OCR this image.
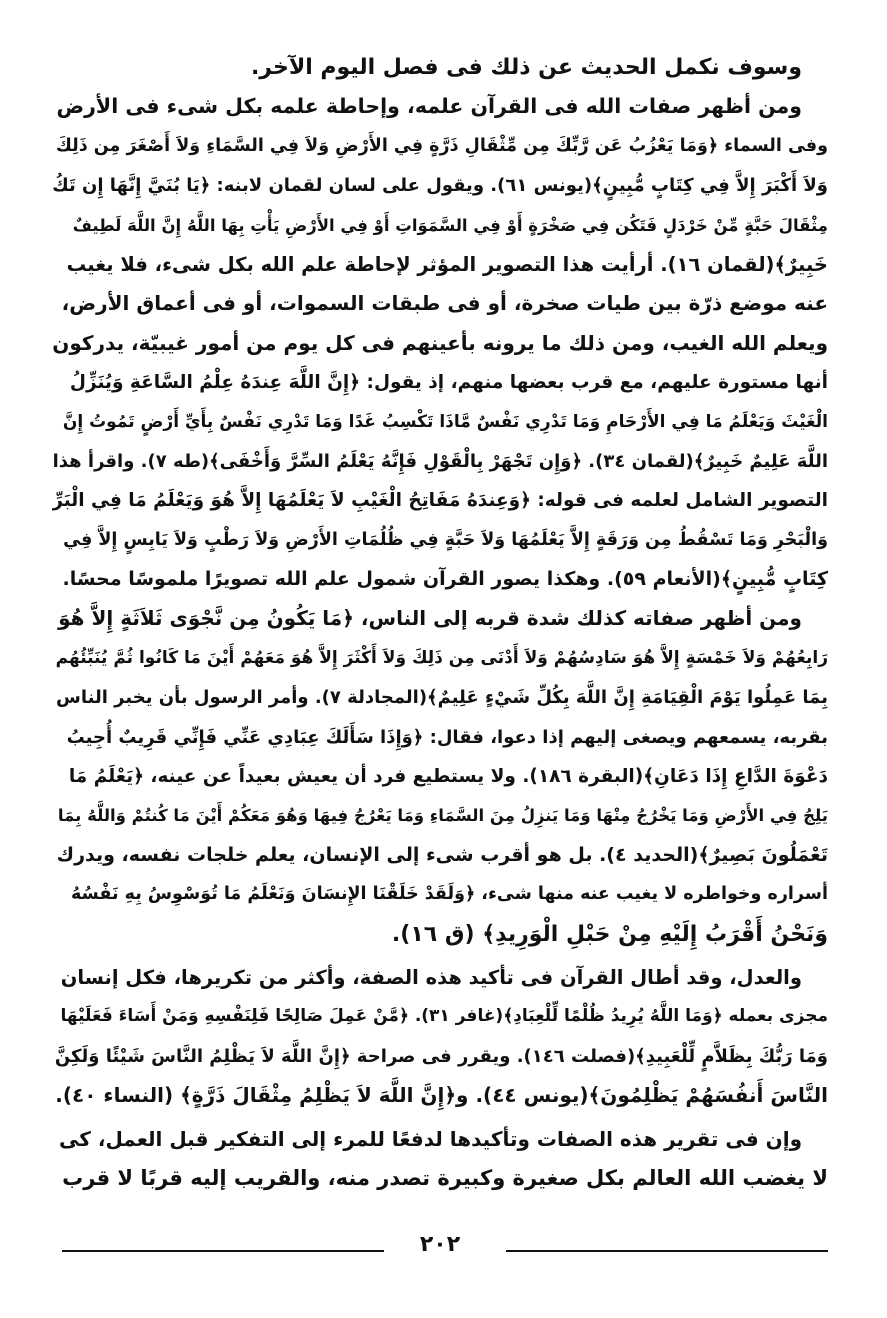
وسوف نكمل الحديث عن ذلك فى فصل اليوم الآخر.
ومن أظهر صفات الله فى القرآن علمه، وإحاطة علمه بكل شىء فى الأرض
وفى السماء ﴿وَمَا يَعْزُبُ عَن رَّبِّكَ مِن مِّثْقَالِ ذَرَّةٍ فِي الأَرْضِ وَلاَ فِي السَّمَاءِ وَلاَ أَصْغَرَ مِن ذَلِكَ
وَلاَ أَكْبَرَ إِلاَّ فِي كِتَابٍ مُّبِينٍ﴾(يونس ٦١). ويقول على لسان لقمان لابنه: ﴿يَا بُنَيَّ إِنَّهَا إِن تَكُ
مِثْقَالَ حَبَّةٍ مِّنْ خَرْدَلٍ فَتَكُن فِي صَخْرَةٍ أَوْ فِي السَّمَوَاتِ أَوْ فِي الأَرْضِ يَأْتِ بِهَا اللَّهُ إِنَّ اللَّهَ لَطِيفٌ
خَبِيرٌ﴾(لقمان ١٦). أرأيت هذا التصوير المؤثر لإحاطة علم الله بكل شىء، فلا يغيب
عنه موضع ذرّة بين طيات صخرة، أو فى طبقات السموات، أو فى أعماق الأرض،
ويعلم الله الغيب، ومن ذلك ما يرونه بأعينهم فى كل يوم من أمور غيبيّة، يدركون
أنها مستورة عليهم، مع قرب بعضها منهم، إذ يقول: ﴿إِنَّ اللَّهَ عِندَهُ عِلْمُ السَّاعَةِ وَيُنَزِّلُ
الْغَيْثَ وَيَعْلَمُ مَا فِي الأَرْحَامِ وَمَا تَدْرِي نَفْسٌ مَّاذَا تَكْسِبُ غَدًا وَمَا تَدْرِي نَفْسٌ بِأَيِّ أَرْضٍ تَمُوتُ إِنَّ
اللَّهَ عَلِيمٌ خَبِيرٌ﴾(لقمان ٣٤). ﴿وَإِن تَجْهَرْ بِالْقَوْلِ فَإِنَّهُ يَعْلَمُ السِّرَّ وَأَخْفَى﴾(طه ٧). واقرأ هذا
التصوير الشامل لعلمه فى قوله: ﴿وَعِندَهُ مَفَاتِحُ الْغَيْبِ لاَ يَعْلَمُهَا إِلاَّ هُوَ وَيَعْلَمُ مَا فِي الْبَرِّ
وَالْبَحْرِ وَمَا تَسْقُطُ مِن وَرَقَةٍ إِلاَّ يَعْلَمُهَا وَلاَ حَبَّةٍ فِي ظُلُمَاتِ الأَرْضِ وَلاَ رَطْبٍ وَلاَ يَابِسٍ إِلاَّ فِي
كِتَابٍ مُّبِينٍ﴾(الأنعام ٥٩). وهكذا يصور القرآن شمول علم الله تصويرًا ملموسًا محسًا.
ومن أظهر صفاته كذلك شدة قربه إلى الناس، ﴿مَا يَكُونُ مِن نَّجْوَى ثَلاَثَةٍ إِلاَّ هُوَ
رَابِعُهُمْ وَلاَ خَمْسَةٍ إِلاَّ هُوَ سَادِسُهُمْ وَلاَ أَدْنَى مِن ذَلِكَ وَلاَ أَكْثَرَ إِلاَّ هُوَ مَعَهُمْ أَيْنَ مَا كَانُوا ثُمَّ يُنَبِّئُهُم
بِمَا عَمِلُوا يَوْمَ الْقِيَامَةِ إِنَّ اللَّهَ بِكُلِّ شَيْءٍ عَلِيمٌ﴾(المجادلة ٧). وأمر الرسول بأن يخبر الناس
بقربه، يسمعهم ويصغى إليهم إذا دعوا، فقال: ﴿وَإِذَا سَأَلَكَ عِبَادِي عَنِّي فَإِنِّي قَرِيبٌ أُجِيبُ
دَعْوَةَ الدَّاعِ إِذَا دَعَانِ﴾(البقرة ١٨٦). ولا يستطيع فرد أن يعيش بعيداً عن عينه، ﴿يَعْلَمُ مَا
يَلِجُ فِي الأَرْضِ وَمَا يَخْرُجُ مِنْهَا وَمَا يَنزِلُ مِنَ السَّمَاءِ وَمَا يَعْرُجُ فِيهَا وَهُوَ مَعَكُمْ أَيْنَ مَا كُنتُمْ وَاللَّهُ بِمَا
تَعْمَلُونَ بَصِيرٌ﴾(الحديد ٤). بل هو أقرب شىء إلى الإنسان، يعلم خلجات نفسه، ويدرك
أسراره وخواطره لا يغيب عنه منها شىء، ﴿وَلَقَدْ خَلَقْنَا الإِنسَانَ وَنَعْلَمُ مَا تُوَسْوِسُ بِهِ نَفْسُهُ
وَنَحْنُ أَقْرَبُ إِلَيْهِ مِنْ حَبْلِ الْوَرِيدِ﴾ (ق ١٦).
والعدل، وقد أطال القرآن فى تأكيد هذه الصفة، وأكثر من تكريرها، فكل إنسان
مجزى بعمله ﴿وَمَا اللَّهُ يُرِيدُ ظُلْمًا لِّلْعِبَادِ﴾(غافر ٣١). ﴿مَّنْ عَمِلَ صَالِحًا فَلِنَفْسِهِ وَمَنْ أَسَاءَ فَعَلَيْهَا
وَمَا رَبُّكَ بِظَلاَّمٍ لِّلْعَبِيدِ﴾(فصلت ١٤٦). ويقرر فى صراحة ﴿إِنَّ اللَّهَ لاَ يَظْلِمُ النَّاسَ شَيْئًا وَلَكِنَّ
النَّاسَ أَنفُسَهُمْ يَظْلِمُونَ﴾(يونس ٤٤). و﴿إِنَّ اللَّهَ لاَ يَظْلِمُ مِثْقَالَ ذَرَّةٍ﴾ (النساء ٤٠).
وإن فى تقرير هذه الصفات وتأكيدها لدفعًا للمرء إلى التفكير قبل العمل، كى
لا يغضب الله العالم بكل صغيرة وكبيرة تصدر منه، والقريب إليه قربًا لا قرب
٢٠٢
